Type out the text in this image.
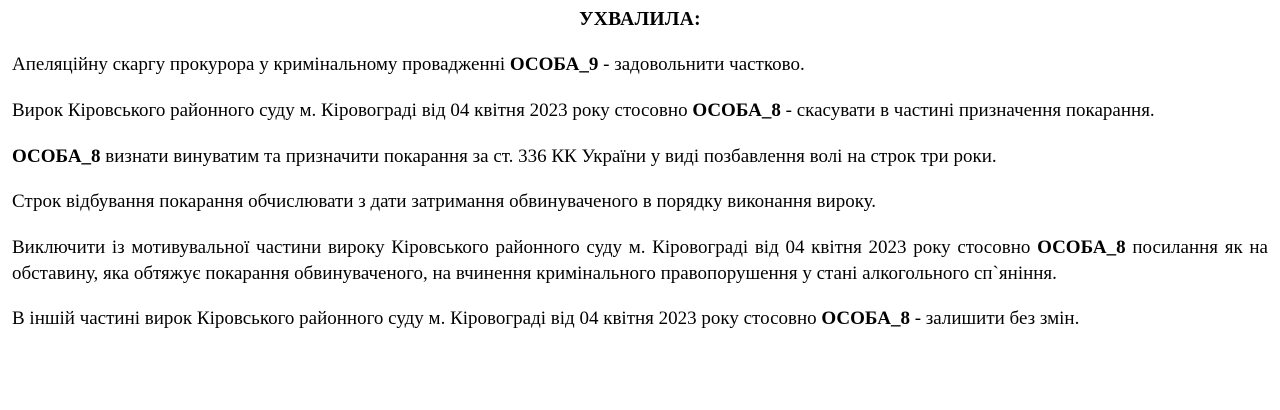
УХВАЛИЛА:

Апеляційну скаргу прокурора у кримінальному провадженні ОСОБА_9 - задовольнити частково.

Вирок Кіровського районного суду м. Кіровограді від 04 квітня 2023 року стосовно ОСОБА_8 - скасувати в частині призначення покарання.

ОСОБА_8 визнати винуватим та призначити покарання за ст. 336 КК України у виді позбавлення волі на строк три роки.

Строк відбування покарання обчислювати з дати затримання обвинуваченого в порядку виконання вироку.

Виключити із мотивувальної частини вироку Кіровського районного суду м. Кіровограді від 04 квітня 2023 року стосовно ОСОБА_8 посилання як на обставину, яка обтяжує покарання обвинуваченого, на вчинення кримінального правопорушення у стані алкогольного сп`яніння.

В іншій частині вирок Кіровського районного суду м. Кіровограді від 04 квітня 2023 року стосовно ОСОБА_8 - залишити без змін.
